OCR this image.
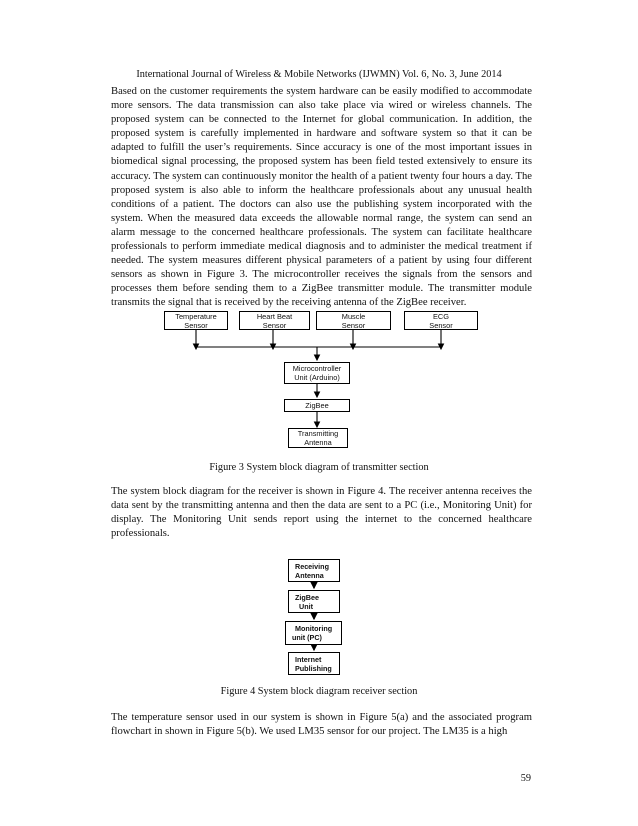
International Journal of Wireless & Mobile Networks (IJWMN) Vol. 6, No. 3, June 2014

Based on the customer requirements the system hardware can be easily modified to accommodate more sensors. The data transmission can also take place via wired or wireless channels. The proposed system can be connected to the Internet for global communication. In addition, the proposed system is carefully implemented in hardware and software system so that it can be adapted to fulfill the user’s requirements. Since accuracy is one of the most important issues in biomedical signal processing, the proposed system has been field tested extensively to ensure its accuracy. The system can continuously monitor the health of a patient twenty four hours a day. The proposed system is also able to inform the healthcare professionals about any unusual health conditions of a patient. The doctors can also use the publishing system incorporated with the system. When the measured data exceeds the allowable normal range, the system can send an alarm message to the concerned healthcare professionals. The system can facilitate healthcare professionals to perform immediate medical diagnosis and to administer the medical treatment if needed. The system measures different physical parameters of a patient by using four different sensors as shown in Figure 3. The microcontroller receives the signals from the sensors and processes them before sending them to a ZigBee transmitter module. The transmitter module transmits the signal that is received by the receiving antenna of the ZigBee receiver.

Temperature
Sensor
Heart Beat
Sensor
Muscle
Sensor
ECG
Sensor
Microcontroller
Unit (Arduino)
ZigBee
Transmitting
Antenna
Figure 3 System block diagram of transmitter section

The system block diagram for the receiver is shown in Figure 4. The receiver antenna receives the data sent by the transmitting antenna and then the data are sent to a PC (i.e., Monitoring Unit) for display. The Monitoring Unit sends report using the internet to the concerned healthcare professionals.

Receiving
Antenna
ZigBee
Unit
Monitoring
unit (PC)
Internet
Publishing
Figure 4 System block diagram receiver section

The temperature sensor used in our system is shown in Figure 5(a) and the associated program flowchart in shown in Figure 5(b). We used LM35 sensor for our project. The LM35 is a high

59
